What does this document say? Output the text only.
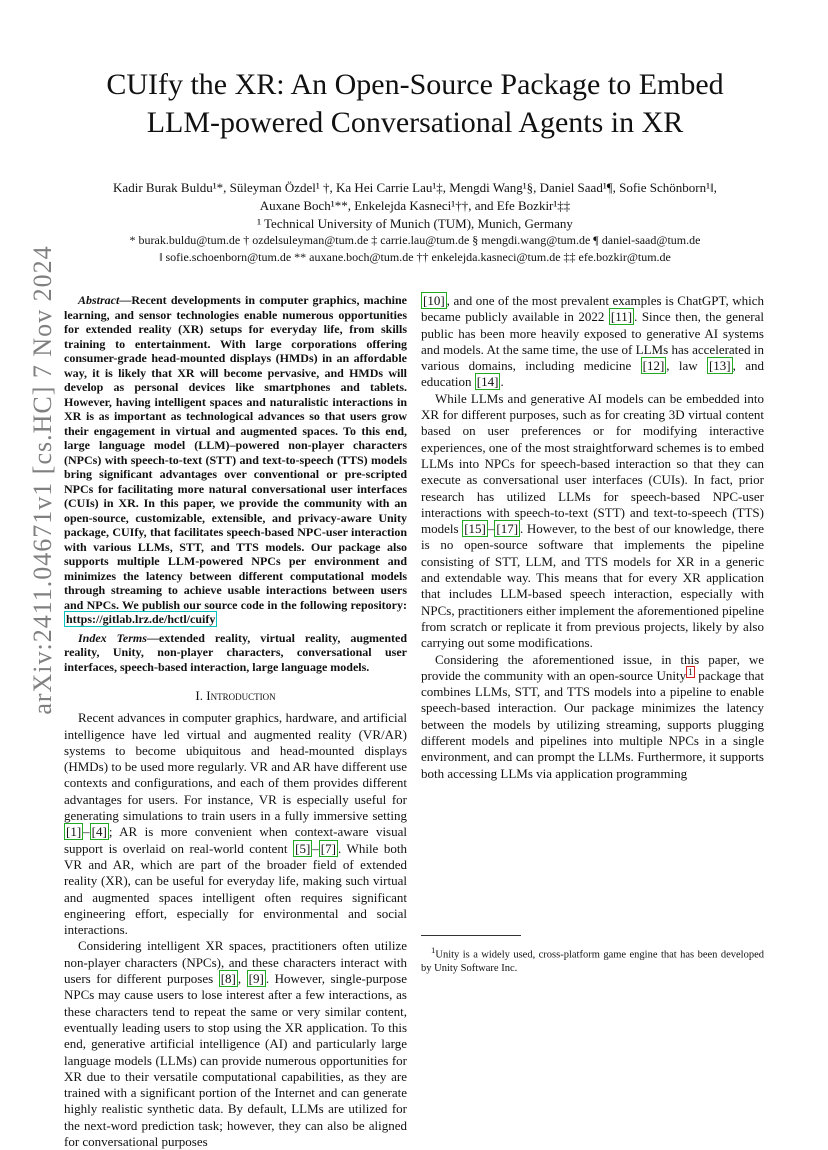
arXiv:2411.04671v1 [cs.HC] 7 Nov 2024
CUIfy the XR: An Open-Source Package to Embed
LLM-powered Conversational Agents in XR
Kadir Burak Buldu¹*, Süleyman Özdel¹ †, Ka Hei Carrie Lau¹‡, Mengdi Wang¹§, Daniel Saad¹¶, Sofie Schönborn¹‖,
Auxane Boch¹**, Enkelejda Kasneci¹††, and Efe Bozkir¹‡‡
¹ Technical University of Munich (TUM), Munich, Germany
* burak.buldu@tum.de † ozdelsuleyman@tum.de ‡ carrie.lau@tum.de § mengdi.wang@tum.de ¶ daniel-saad@tum.de
‖ sofie.schoenborn@tum.de ** auxane.boch@tum.de †† enkelejda.kasneci@tum.de ‡‡ efe.bozkir@tum.de

Abstract—Recent developments in computer graphics, machine learning, and sensor technologies enable numerous opportunities for extended reality (XR) setups for everyday life, from skills training to entertainment. With large corporations offering consumer-grade head-mounted displays (HMDs) in an affordable way, it is likely that XR will become pervasive, and HMDs will develop as personal devices like smartphones and tablets. However, having intelligent spaces and naturalistic interactions in XR is as important as technological advances so that users grow their engagement in virtual and augmented spaces. To this end, large language model (LLM)–powered non-player characters (NPCs) with speech-to-text (STT) and text-to-speech (TTS) models bring significant advantages over conventional or pre-scripted NPCs for facilitating more natural conversational user interfaces (CUIs) in XR. In this paper, we provide the community with an open-source, customizable, extensible, and privacy-aware Unity package, CUIfy, that facilitates speech-based NPC-user interaction with various LLMs, STT, and TTS models. Our package also supports multiple LLM-powered NPCs per environment and minimizes the latency between different computational models through streaming to achieve usable interactions between users and NPCs. We publish our source code in the following repository: https://gitlab.lrz.de/hctl/cuify

Index Terms—extended reality, virtual reality, augmented reality, Unity, non-player characters, conversational user interfaces, speech-based interaction, large language models.

I. Introduction

Recent advances in computer graphics, hardware, and artificial intelligence have led virtual and augmented reality (VR/AR) systems to become ubiquitous and head-mounted displays (HMDs) to be used more regularly. VR and AR have different use contexts and configurations, and each of them provides different advantages for users. For instance, VR is especially useful for generating simulations to train users in a fully immersive setting [1] – [4] ; AR is more convenient when context-aware visual support is overlaid on real-world content [5] – [7] . While both VR and AR, which are part of the broader field of extended reality (XR), can be useful for everyday life, making such virtual and augmented spaces intelligent often requires significant engineering effort, especially for environmental and social interactions.

Considering intelligent XR spaces, practitioners often utilize non-player characters (NPCs), and these characters interact with users for different purposes [8] , [9] . However, single-purpose NPCs may cause users to lose interest after a few interactions, as these characters tend to repeat the same or very similar content, eventually leading users to stop using the XR application. To this end, generative artificial intelligence (AI) and particularly large language models (LLMs) can provide numerous opportunities for XR due to their versatile computational capabilities, as they are trained with a significant portion of the Internet and can generate highly realistic synthetic data. By default, LLMs are utilized for the next-word prediction task; however, they can also be aligned for conversational purposes

[10] , and one of the most prevalent examples is ChatGPT, which became publicly available in 2022 [11] . Since then, the general public has been more heavily exposed to generative AI systems and models. At the same time, the use of LLMs has accelerated in various domains, including medicine [12] , law [13] , and education [14] .

While LLMs and generative AI models can be embedded into XR for different purposes, such as for creating 3D virtual content based on user preferences or for modifying interactive experiences, one of the most straightforward schemes is to embed LLMs into NPCs for speech-based interaction so that they can execute as conversational user interfaces (CUIs). In fact, prior research has utilized LLMs for speech-based NPC-user interactions with speech-to-text (STT) and text-to-speech (TTS) models [15] – [17] . However, to the best of our knowledge, there is no open-source software that implements the pipeline consisting of STT, LLM, and TTS models for XR in a generic and extendable way. This means that for every XR application that includes LLM-based speech interaction, especially with NPCs, practitioners either implement the aforementioned pipeline from scratch or replicate it from previous projects, likely by also carrying out some modifications.

Considering the aforementioned issue, in this paper, we provide the community with an open-source Unity $^1$ package that combines LLMs, STT, and TTS models into a pipeline to enable speech-based interaction. Our package minimizes the latency between the models by utilizing streaming, supports plugging different models and pipelines into multiple NPCs in a single environment, and can prompt the LLMs. Furthermore, it supports both accessing LLMs via application programming

$^1$Unity is a widely used, cross-platform game engine that has been developed by Unity Software Inc.
